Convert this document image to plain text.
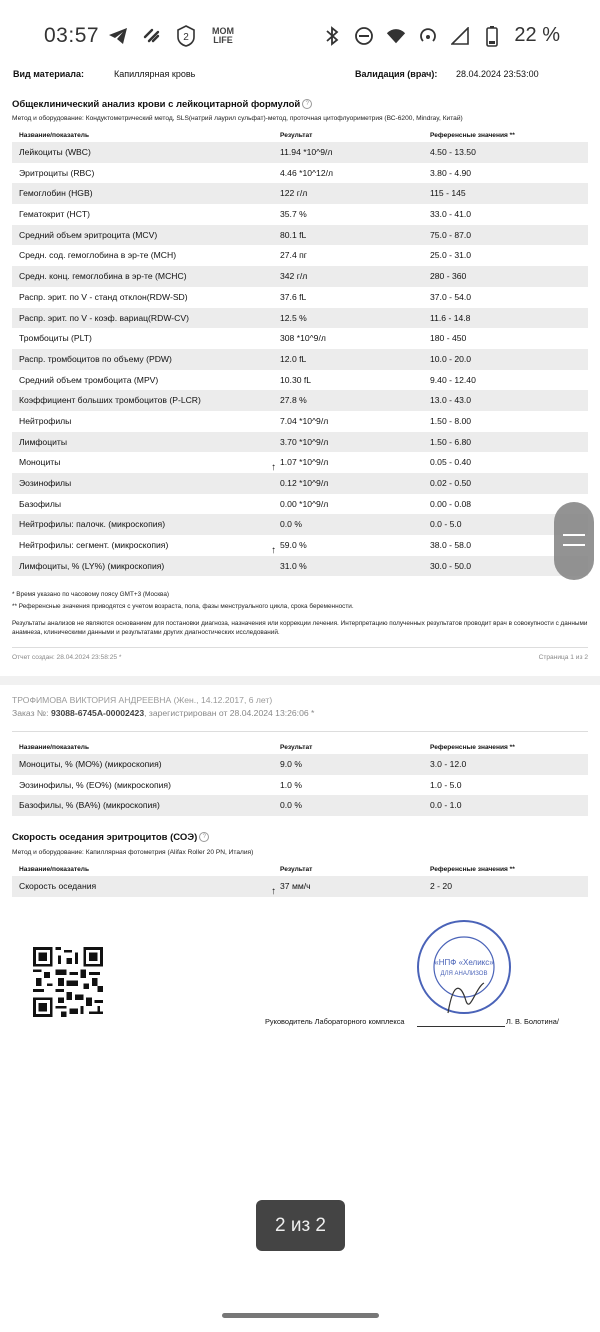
03:57	2
MOM
LIFE	22 %
Вид материала:	Капиллярная кровь	Валидация (врач): 28.04.2024 23:53:00
Общеклинический анализ крови с лейкоцитарной формулой ?
Метод и оборудование: Кондуктометрический метод, SLS(натрий лаурил сульфат)-метод, проточная цитофлуориметрия (ВС-6200, Mindray, Китай)
Название/показатель	Результат	Референсные значения **
Лейкоциты (WBC)	11.94 *10^9/л	4.50 - 13.50
Эритроциты (RBC)	4.46 *10^12/л	3.80 - 4.90
Гемоглобин (HGB)	122 г/л	115 - 145
Гематокрит (HCT)	35.7 %	33.0 - 41.0
Средний объем эритроцита (MCV)	80.1 fL	75.0 - 87.0
Средн. сод. гемоглобина в эр-те (MCH)	27.4 пг	25.0 - 31.0
Средн. конц. гемоглобина в эр-те (MCHC)	342 г/л	280 - 360
Распр. эрит. по V - станд отклон(RDW-SD)	37.6 fL	37.0 - 54.0
Распр. эрит. по V - коэф. вариац(RDW-CV)	12.5 %	11.6 - 14.8
Тромбоциты (PLT)	308 *10^9/л	180 - 450
Распр. тромбоцитов по объему (PDW)	12.0 fL	10.0 - 20.0
Средний объем тромбоцита (MPV)	10.30 fL	9.40 - 12.40
Коэффициент больших тромбоцитов (P-LCR)	27.8 %	13.0 - 43.0
Нейтрофилы	7.04 *10^9/л	1.50 - 8.00
Лимфоциты	3.70 *10^9/л	1.50 - 6.80
Моноциты	↑ 1.07 *10^9/л	0.05 - 0.40
Эозинофилы	0.12 *10^9/л	0.02 - 0.50
Базофилы	0.00 *10^9/л	0.00 - 0.08
Нейтрофилы: палочк. (микроскопия)	0.0 %	0.0 - 5.0
Нейтрофилы: сегмент. (микроскопия)	↑ 59.0 %	38.0 - 58.0
Лимфоциты, % (LY%) (микроскопия)	31.0 %	30.0 - 50.0
* Время указано по часовому поясу GMT+3 (Москва)
** Референсные значения приводятся с учетом возраста, пола, фазы менструального цикла, срока беременности.
Результаты анализов не являются основанием для постановки диагноза, назначения или коррекции лечения. Интерпретацию полученных результатов проводит врач в совокупности с данными анамнеза, клиническими данными и результатами других диагностических исследований.
Отчет создан: 28.04.2024 23:58:25 *	Страница 1 из 2
ТРОФИМОВА ВИКТОРИЯ АНДРЕЕВНА (Жен., 14.12.2017, 6 лет)
Заказ №: 93088-6745A-00002423, зарегистрирован от 28.04.2024 13:26:06 *
Название/показатель	Результат	Референсные значения **
Моноциты, % (MO%) (микроскопия)	9.0 %	3.0 - 12.0
Эозинофилы, % (EO%) (микроскопия)	1.0 %	1.0 - 5.0
Базофилы, % (BA%) (микроскопия)	0.0 %	0.0 - 1.0
Скорость оседания эритроцитов (СОЭ) ?
Метод и оборудование: Капиллярная фотометрия (Alifax Roller 20 PN, Италия)
Название/показатель	Результат	Референсные значения **
Скорость оседания	↑ 37 мм/ч	2 - 20
«НПФ «Хеликс»
ДЛЯ АНАЛИЗОВ
Руководитель Лабораторного комплекса	Л. В. Болотина/
2 из 2
